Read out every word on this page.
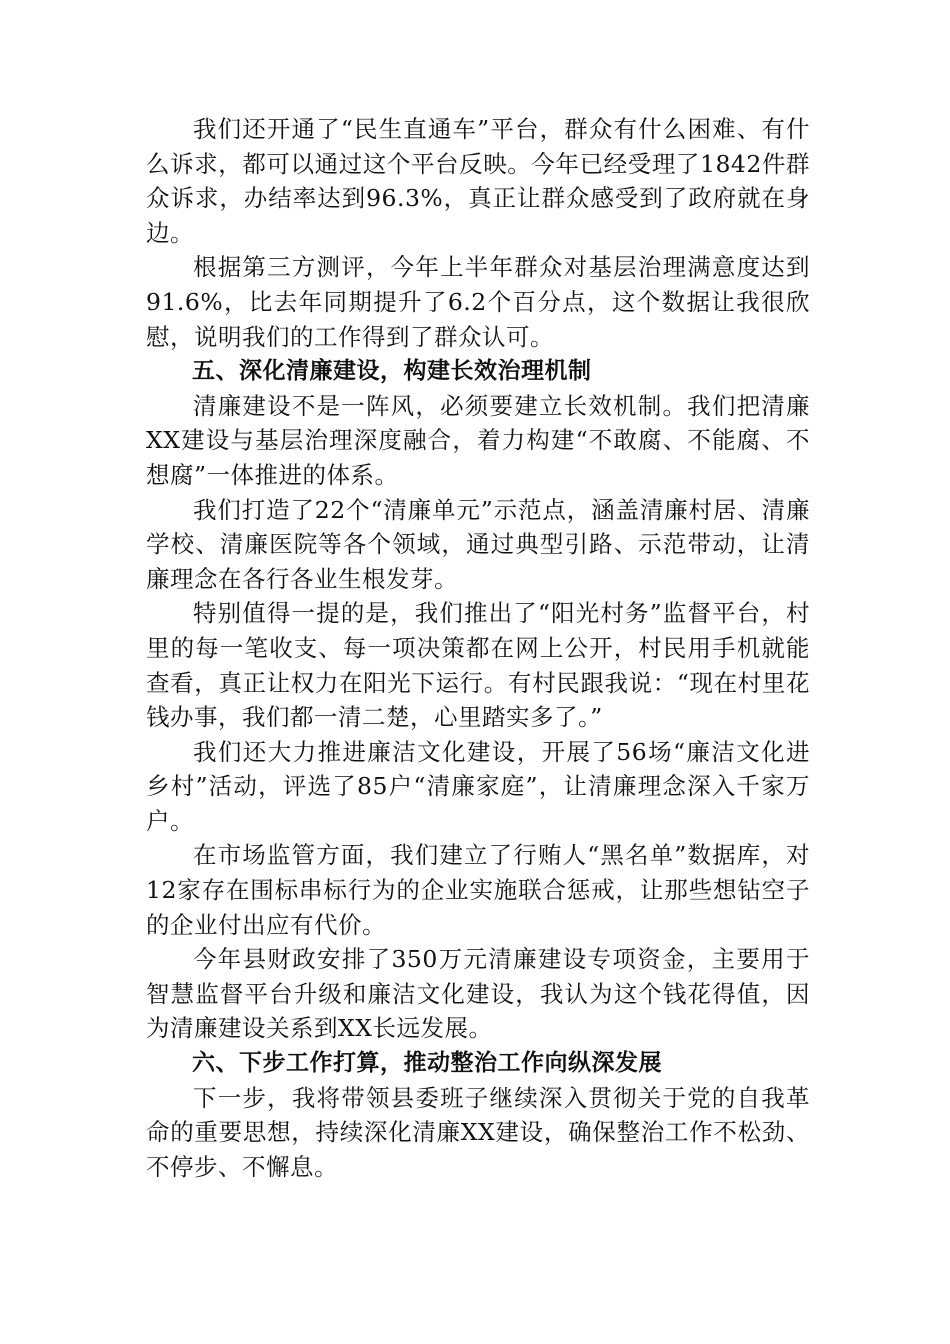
我们还开通了“民生直通车”平台，群众有什么困难、有什么诉求，都可以通过这个平台反映。今年已经受理了1842件群众诉求，办结率达到96.3%，真正让群众感受到了政府就在身边。

根据第三方测评，今年上半年群众对基层治理满意度达到91.6%，比去年同期提升了6.2个百分点，这个数据让我很欣慰，说明我们的工作得到了群众认可。

五、深化清廉建设，构建长效治理机制

清廉建设不是一阵风，必须要建立长效机制。我们把清廉XX建设与基层治理深度融合，着力构建“不敢腐、不能腐、不想腐”一体推进的体系。

我们打造了22个“清廉单元”示范点，涵盖清廉村居、清廉学校、清廉医院等各个领域，通过典型引路、示范带动，让清廉理念在各行各业生根发芽。

特别值得一提的是，我们推出了“阳光村务”监督平台，村里的每一笔收支、每一项决策都在网上公开，村民用手机就能查看，真正让权力在阳光下运行。有村民跟我说：“现在村里花钱办事，我们都一清二楚，心里踏实多了。”

我们还大力推进廉洁文化建设，开展了56场“廉洁文化进乡村”活动，评选了85户“清廉家庭”，让清廉理念深入千家万户。

在市场监管方面，我们建立了行贿人“黑名单”数据库，对12家存在围标串标行为的企业实施联合惩戒，让那些想钻空子的企业付出应有代价。

今年县财政安排了350万元清廉建设专项资金，主要用于智慧监督平台升级和廉洁文化建设，我认为这个钱花得值，因为清廉建设关系到XX长远发展。

六、下步工作打算，推动整治工作向纵深发展

下一步，我将带领县委班子继续深入贯彻关于党的自我革命的重要思想，持续深化清廉XX建设，确保整治工作不松劲、不停步、不懈息。
